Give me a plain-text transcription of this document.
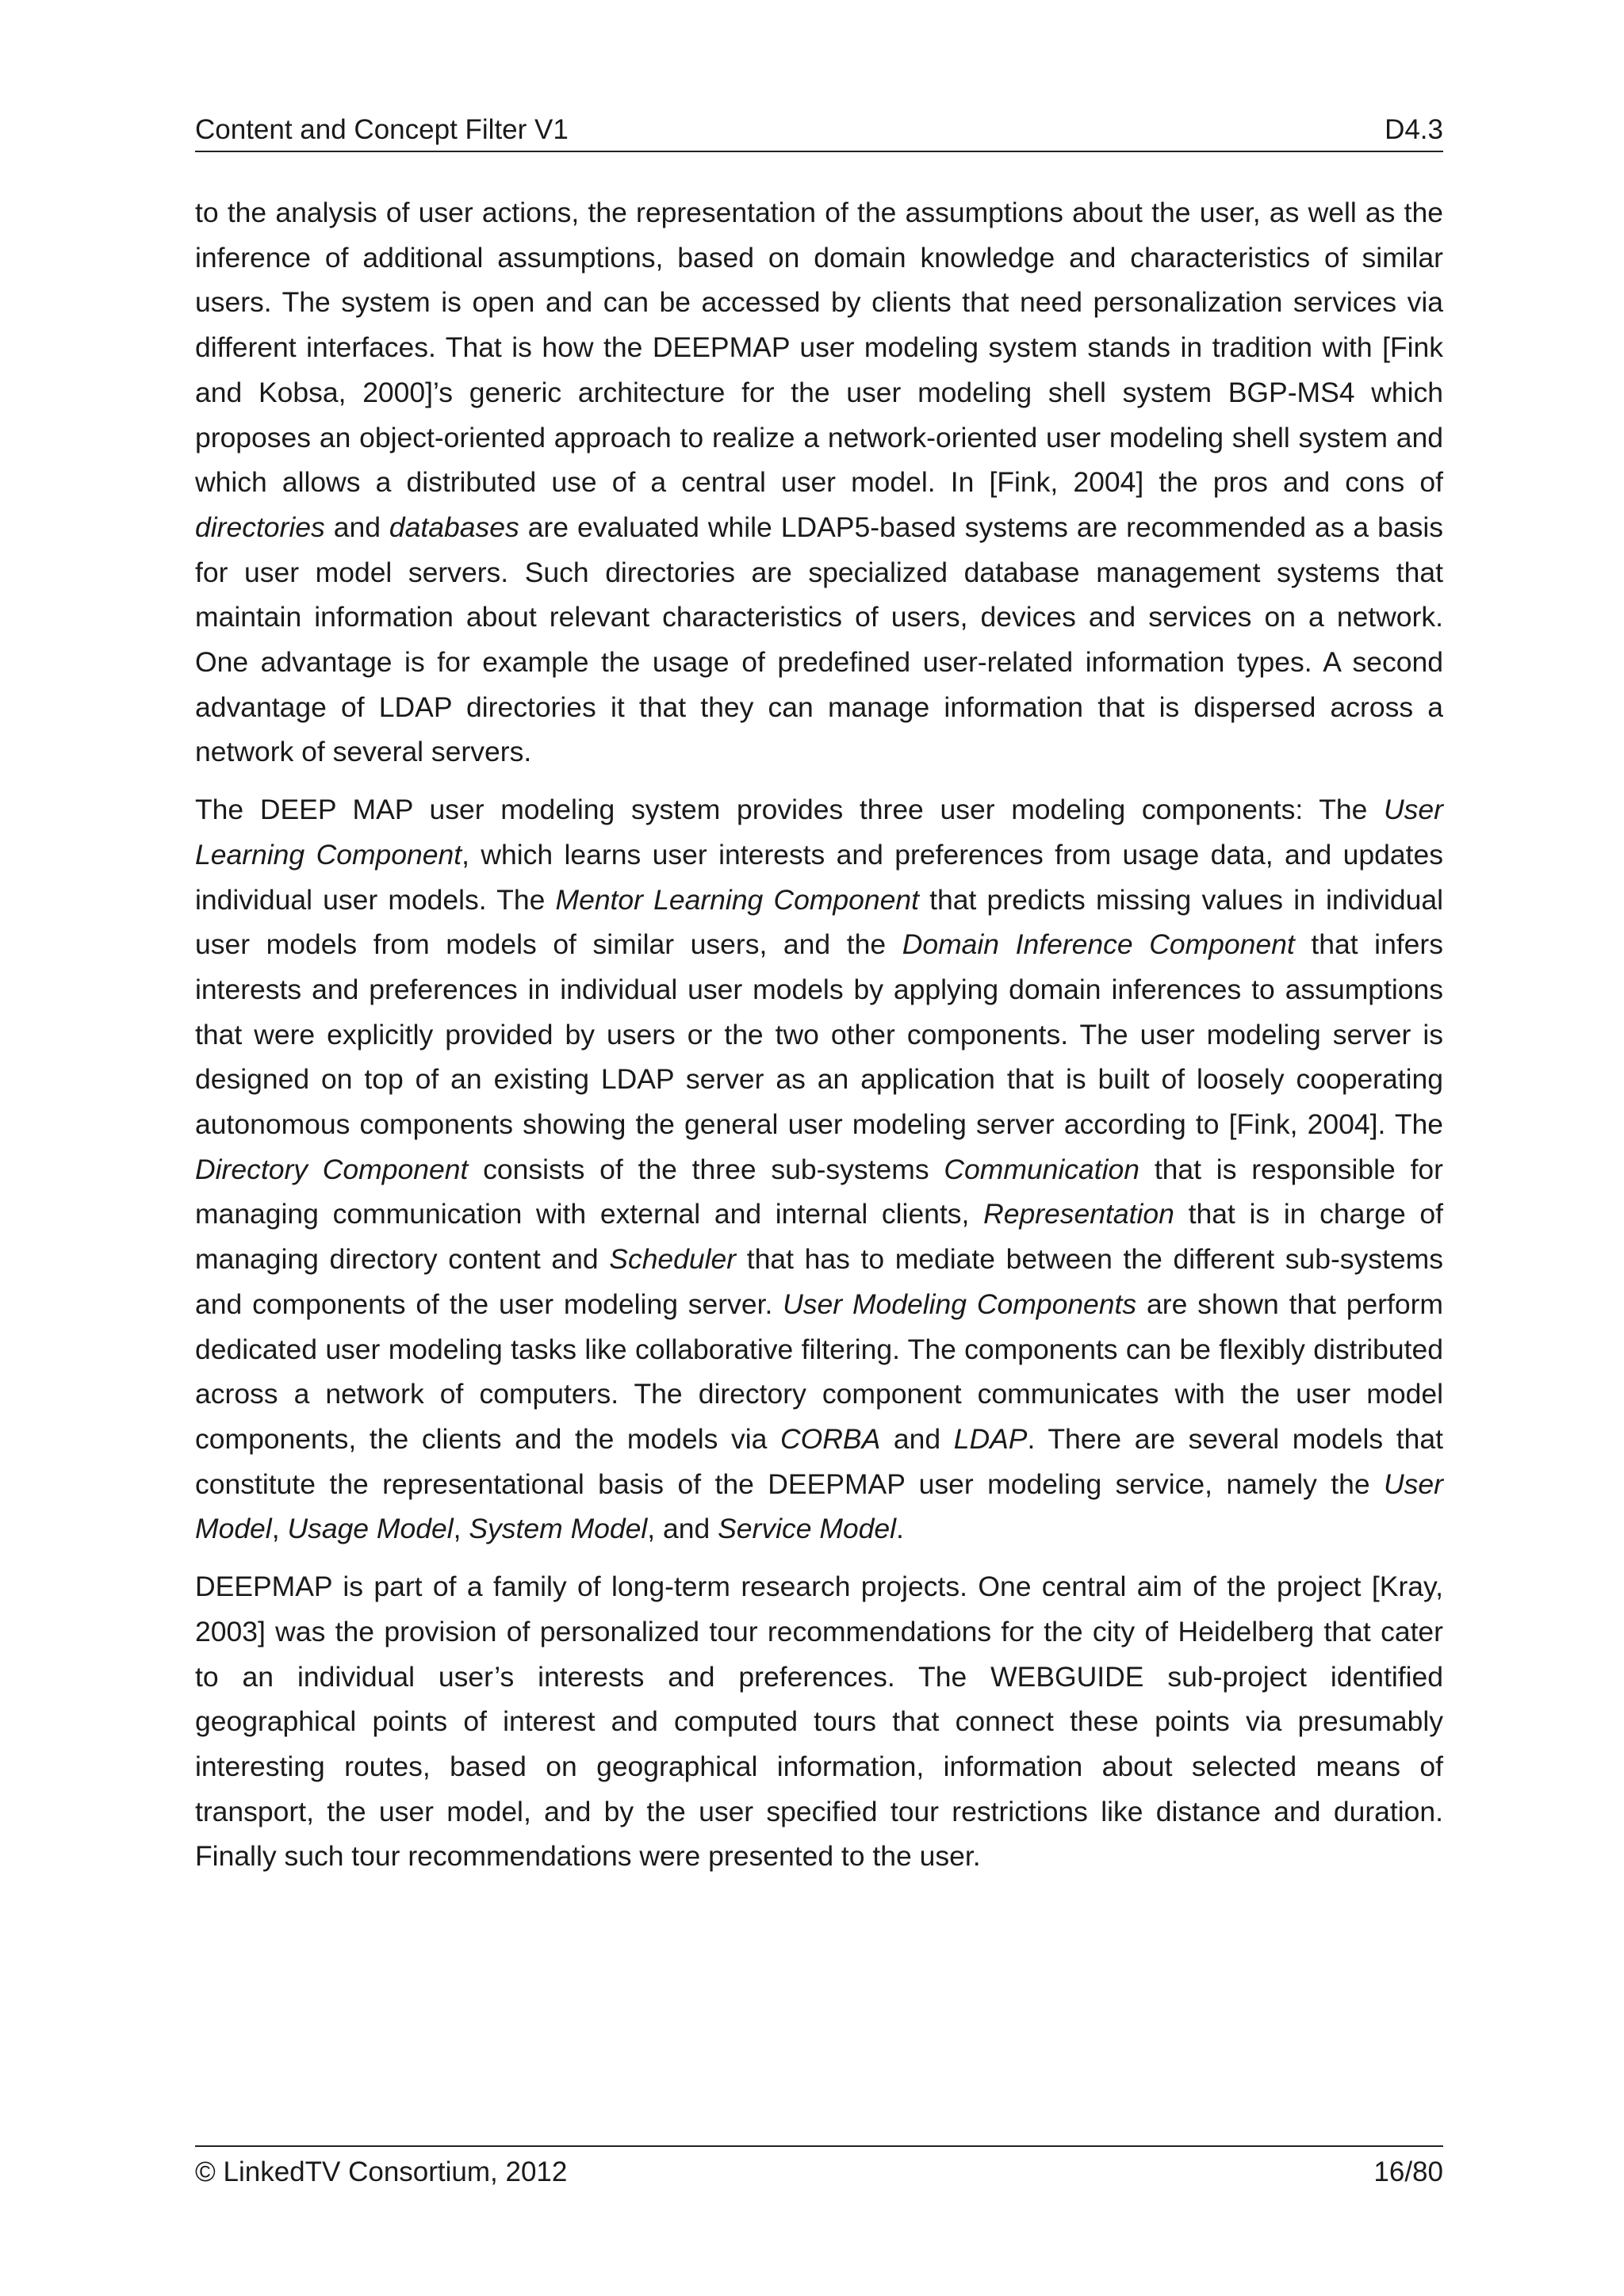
Content and Concept Filter V1	D4.3

to the analysis of user actions, the representation of the assumptions about the user, as well as the inference of additional assumptions, based on domain knowledge and characteristics of similar users. The system is open and can be accessed by clients that need personalization services via different interfaces. That is how the DEEPMAP user modeling system stands in tradition with [Fink and Kobsa, 2000]’s generic architecture for the user modeling shell system BGP-MS4 which proposes an object-oriented approach to realize a network-oriented user modeling shell system and which allows a distributed use of a central user model. In [Fink, 2004] the pros and cons of directories and databases are evaluated while LDAP5-based systems are recommended as a basis for user model servers. Such directories are specialized database management systems that maintain information about relevant characteristics of users, devices and services on a network. One advantage is for example the usage of predefined user-related information types. A second advantage of LDAP directories it that they can manage information that is dispersed across a network of several servers.

The DEEP MAP user modeling system provides three user modeling components: The User Learning Component, which learns user interests and preferences from usage data, and updates individual user models. The Mentor Learning Component that predicts missing values in individual user models from models of similar users, and the Domain Inference Component that infers interests and preferences in individual user models by applying domain inferences to assumptions that were explicitly provided by users or the two other components. The user modeling server is designed on top of an existing LDAP server as an application that is built of loosely cooperating autonomous components showing the general user modeling server according to [Fink, 2004]. The Directory Component consists of the three sub-systems Communication that is responsible for managing communication with external and internal clients, Representation that is in charge of managing directory content and Scheduler that has to mediate between the different sub-systems and components of the user modeling server. User Modeling Components are shown that perform dedicated user modeling tasks like collaborative filtering. The components can be flexibly distributed across a network of computers. The directory component communicates with the user model components, the clients and the models via CORBA and LDAP. There are several models that constitute the representational basis of the DEEPMAP user modeling service, namely the User Model, Usage Model, System Model, and Service Model.

DEEPMAP is part of a family of long-term research projects. One central aim of the project [Kray, 2003] was the provision of personalized tour recommendations for the city of Heidelberg that cater to an individual user’s interests and preferences. The WEBGUIDE sub-project identified geographical points of interest and computed tours that connect these points via presumably interesting routes, based on geographical information, information about selected means of transport, the user model, and by the user specified tour restrictions like distance and duration. Finally such tour recommendations were presented to the user.

© LinkedTV Consortium, 2012	16/80
